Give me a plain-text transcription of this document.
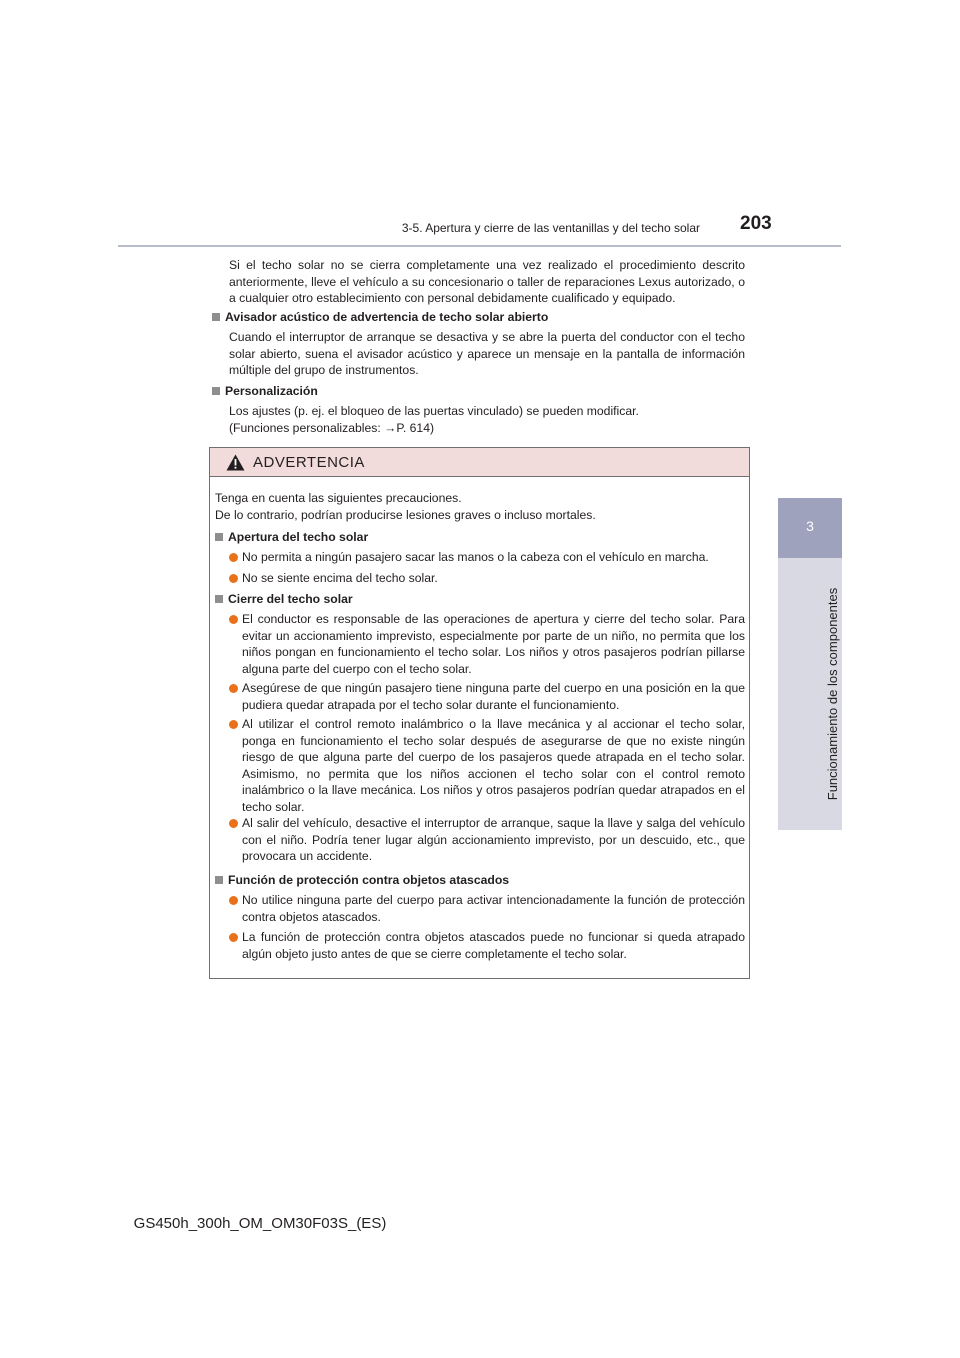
3-5. Apertura y cierre de las ventanillas y del techo solar 203
3
Funcionamiento de los componentes

Si el techo solar no se cierra completamente una vez realizado el procedimiento descrito anteriormente, lleve el vehículo a su concesionario o taller de reparaciones Lexus autorizado, o a cualquier otro establecimiento con personal debidamente cualificado y equipado.

Avisador acústico de advertencia de techo solar abierto

Cuando el interruptor de arranque se desactiva y se abre la puerta del conductor con el techo solar abierto, suena el avisador acústico y aparece un mensaje en la pantalla de información múltiple del grupo de instrumentos.

Personalización
Los ajustes (p. ej. el bloqueo de las puertas vinculado) se pueden modificar.
(Funciones personalizables: →P. 614)
ADVERTENCIA
Tenga en cuenta las siguientes precauciones.
De lo contrario, podrían producirse lesiones graves o incluso mortales.
Apertura del techo solar
No permita a ningún pasajero sacar las manos o la cabeza con el vehículo en marcha.
No se siente encima del techo solar.
Cierre del techo solar
El conductor es responsable de las operaciones de apertura y cierre del techo solar. Para evitar un accionamiento imprevisto, especialmente por parte de un niño, no permita que los niños pongan en funcionamiento el techo solar. Los niños y otros pasajeros podrían pillarse alguna parte del cuerpo con el techo solar.
Asegúrese de que ningún pasajero tiene ninguna parte del cuerpo en una posición en la que pudiera quedar atrapada por el techo solar durante el funcionamiento.
Al utilizar el control remoto inalámbrico o la llave mecánica y al accionar el techo solar, ponga en funcionamiento el techo solar después de asegurarse de que no existe ningún riesgo de que alguna parte del cuerpo de los pasajeros quede atrapada en el techo solar. Asimismo, no permita que los niños accionen el techo solar con el control remoto inalámbrico o la llave mecánica. Los niños y otros pasajeros podrían quedar atrapados en el techo solar.
Al salir del vehículo, desactive el interruptor de arranque, saque la llave y salga del vehículo con el niño. Podría tener lugar algún accionamiento imprevisto, por un descuido, etc., que provocara un accidente.
Función de protección contra objetos atascados
No utilice ninguna parte del cuerpo para activar intencionadamente la función de protección contra objetos atascados.
La función de protección contra objetos atascados puede no funcionar si queda atrapado algún objeto justo antes de que se cierre completamente el techo solar.
GS450h_300h_OM_OM30F03S_(ES)
